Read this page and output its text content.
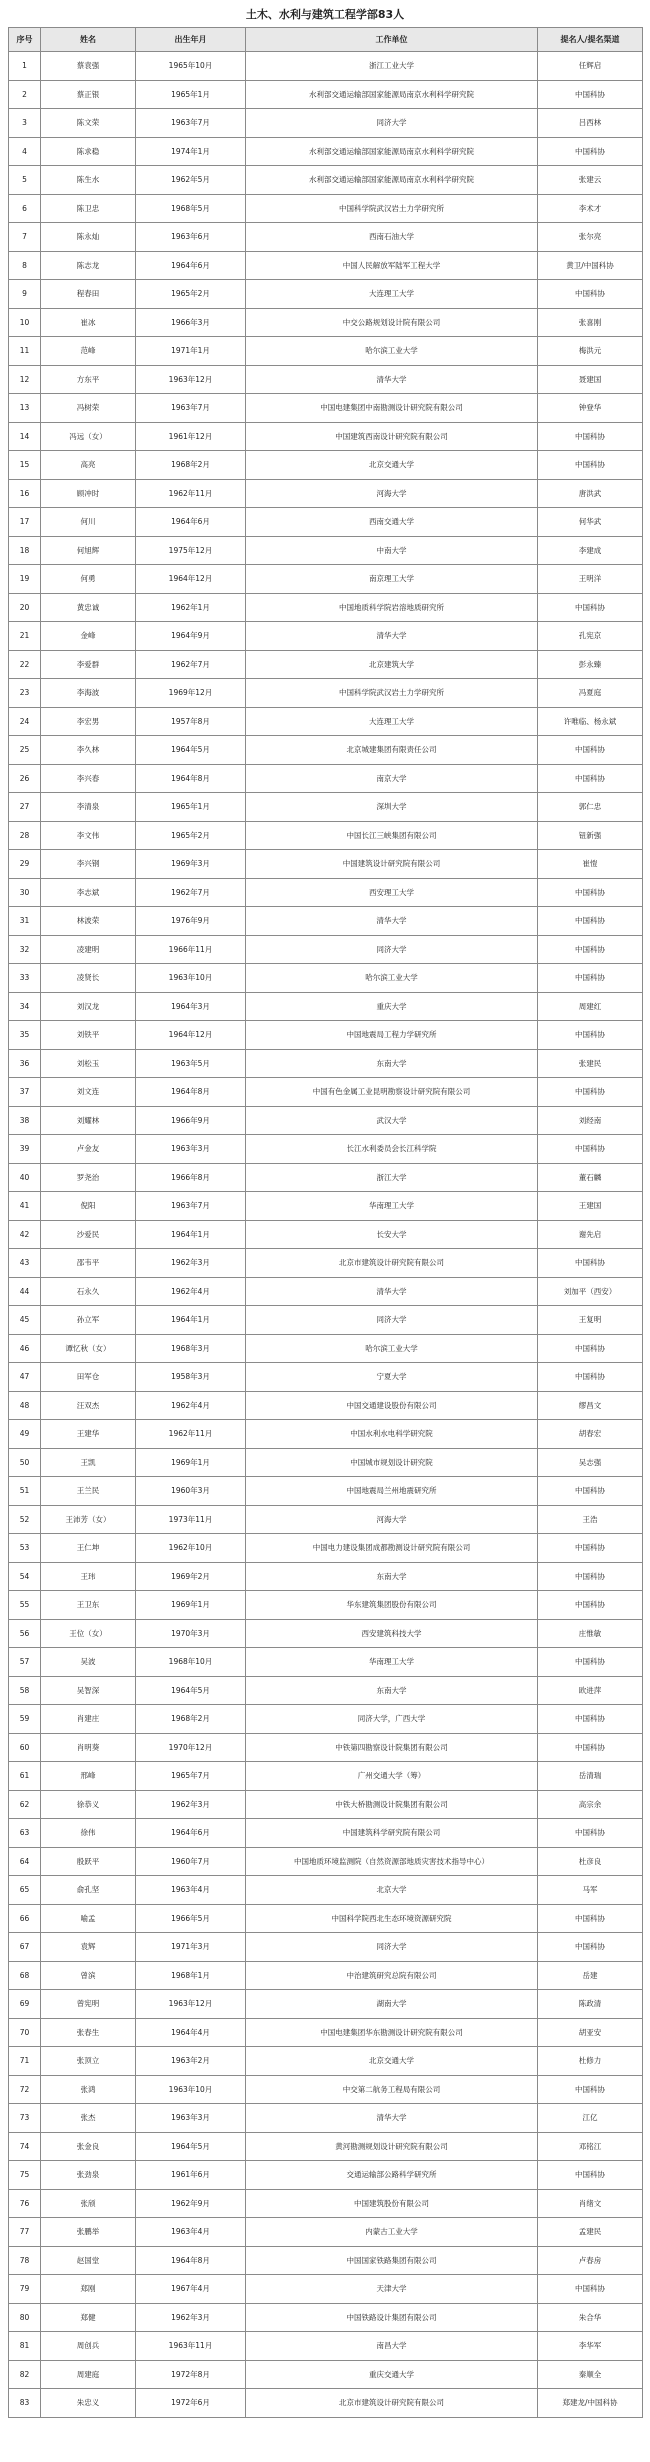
土木、水利与建筑工程学部83人
序号	姓名	出生年月	工作单位	提名人/提名渠道
1	蔡袁强	1965年10月	浙江工业大学	任辉启
2	蔡正银	1965年1月	水利部交通运输部国家能源局南京水利科学研究院	中国科协
3	陈文荣	1963年7月	同济大学	吕西林
4	陈求稳	1974年1月	水利部交通运输部国家能源局南京水利科学研究院	中国科协
5	陈生水	1962年5月	水利部交通运输部国家能源局南京水利科学研究院	张建云
6	陈卫忠	1968年5月	中国科学院武汉岩土力学研究所	李术才
7	陈永灿	1963年6月	西南石油大学	张尔亮
8	陈志龙	1964年6月	中国人民解放军陆军工程大学	黄卫/中国科协
9	程春田	1965年2月	大连理工大学	中国科协
10	崔冰	1966年3月	中交公路规划设计院有限公司	张喜刚
11	范峰	1971年1月	哈尔滨工业大学	梅洪元
12	方东平	1963年12月	清华大学	聂建国
13	冯树荣	1963年7月	中国电建集团中南勘测设计研究院有限公司	钟登华
14	冯远（女）	1961年12月	中国建筑西南设计研究院有限公司	中国科协
15	高亮	1968年2月	北京交通大学	中国科协
16	顾冲时	1962年11月	河海大学	唐洪武
17	何川	1964年6月	西南交通大学	何华武
18	何旭辉	1975年12月	中南大学	李建成
19	何勇	1964年12月	南京理工大学	王明洋
20	黄忠诚	1962年1月	中国地质科学院岩溶地质研究所	中国科协
21	金峰	1964年9月	清华大学	孔宪京
22	李爱群	1962年7月	北京建筑大学	彭永臻
23	李海波	1969年12月	中国科学院武汉岩土力学研究所	冯夏庭
24	李宏男	1957年8月	大连理工大学	许唯临、杨永斌
25	李久林	1964年5月	北京城建集团有限责任公司	中国科协
26	李兴春	1964年8月	南京大学	中国科协
27	李清泉	1965年1月	深圳大学	郭仁忠
28	李文伟	1965年2月	中国长江三峡集团有限公司	钮新强
29	李兴钢	1969年3月	中国建筑设计研究院有限公司	崔愷
30	李志斌	1962年7月	西安理工大学	中国科协
31	林波荣	1976年9月	清华大学	中国科协
32	凌建明	1966年11月	同济大学	中国科协
33	凌贤长	1963年10月	哈尔滨工业大学	中国科协
34	刘汉龙	1964年3月	重庆大学	周建红
35	刘铁平	1964年12月	中国地震局工程力学研究所	中国科协
36	刘松玉	1963年5月	东南大学	张建民
37	刘文连	1964年8月	中国有色金属工业昆明勘察设计研究院有限公司	中国科协
38	刘耀林	1966年9月	武汉大学	刘经南
39	卢金友	1963年3月	长江水利委员会长江科学院	中国科协
40	罗尧治	1966年8月	浙江大学	董石麟
41	倪阳	1963年7月	华南理工大学	王建国
42	沙爱民	1964年1月	长安大学	谢先启
43	邵韦平	1962年3月	北京市建筑设计研究院有限公司	中国科协
44	石永久	1962年4月	清华大学	刘加平（西安）
45	孙立军	1964年1月	同济大学	王复明
46	谭忆秋（女）	1968年3月	哈尔滨工业大学	中国科协
47	田军仓	1958年3月	宁夏大学	中国科协
48	汪双杰	1962年4月	中国交通建设股份有限公司	缪昌文
49	王建华	1962年11月	中国水利水电科学研究院	胡春宏
50	王凯	1969年1月	中国城市规划设计研究院	吴志强
51	王兰民	1960年3月	中国地震局兰州地震研究所	中国科协
52	王沛芳（女）	1973年11月	河海大学	王浩
53	王仁坤	1962年10月	中国电力建设集团成都勘测设计研究院有限公司	中国科协
54	王玮	1969年2月	东南大学	中国科协
55	王卫东	1969年1月	华东建筑集团股份有限公司	中国科协
56	王位（女）	1970年3月	西安建筑科技大学	庄惟敏
57	吴波	1968年10月	华南理工大学	中国科协
58	吴智深	1964年5月	东南大学	欧进萍
59	肖建庄	1968年2月	同济大学，广西大学	中国科协
60	肖明葵	1970年12月	中铁第四勘察设计院集团有限公司	中国科协
61	邢峰	1965年7月	广州交通大学（筹）	岳清瑞
62	徐恭义	1962年3月	中铁大桥勘测设计院集团有限公司	高宗余
63	徐伟	1964年6月	中国建筑科学研究院有限公司	中国科协
64	殷跃平	1960年7月	中国地质环境监测院（自然资源部地质灾害技术指导中心）	杜彦良
65	俞孔坚	1963年4月	北京大学	马军
66	喻孟	1966年5月	中国科学院西北生态环境资源研究院	中国科协
67	袁辉	1971年3月	同济大学	中国科协
68	曾滨	1968年1月	中治建筑研究总院有限公司	岳建
69	曾宪明	1963年12月	湖南大学	陈政清
70	张春生	1964年4月	中国电建集团华东勘测设计研究院有限公司	胡亚安
71	张顶立	1963年2月	北京交通大学	杜修力
72	张鸿	1963年10月	中交第二航务工程局有限公司	中国科协
73	张杰	1963年3月	清华大学	江亿
74	张金良	1964年5月	黄河勘测规划设计研究院有限公司	邓铭江
75	张劲泉	1961年6月	交通运输部公路科学研究所	中国科协
76	张颀	1962年9月	中国建筑股份有限公司	肖绪文
77	张鹏举	1963年4月	内蒙古工业大学	孟建民
78	赵国堂	1964年8月	中国国家铁路集团有限公司	卢春房
79	郑刚	1967年4月	天津大学	中国科协
80	郑健	1962年3月	中国铁路设计集团有限公司	朱合华
81	周创兵	1963年11月	南昌大学	李华军
82	周建庭	1972年8月	重庆交通大学	秦顺全
83	朱忠义	1972年6月	北京市建筑设计研究院有限公司	郑建龙/中国科协
